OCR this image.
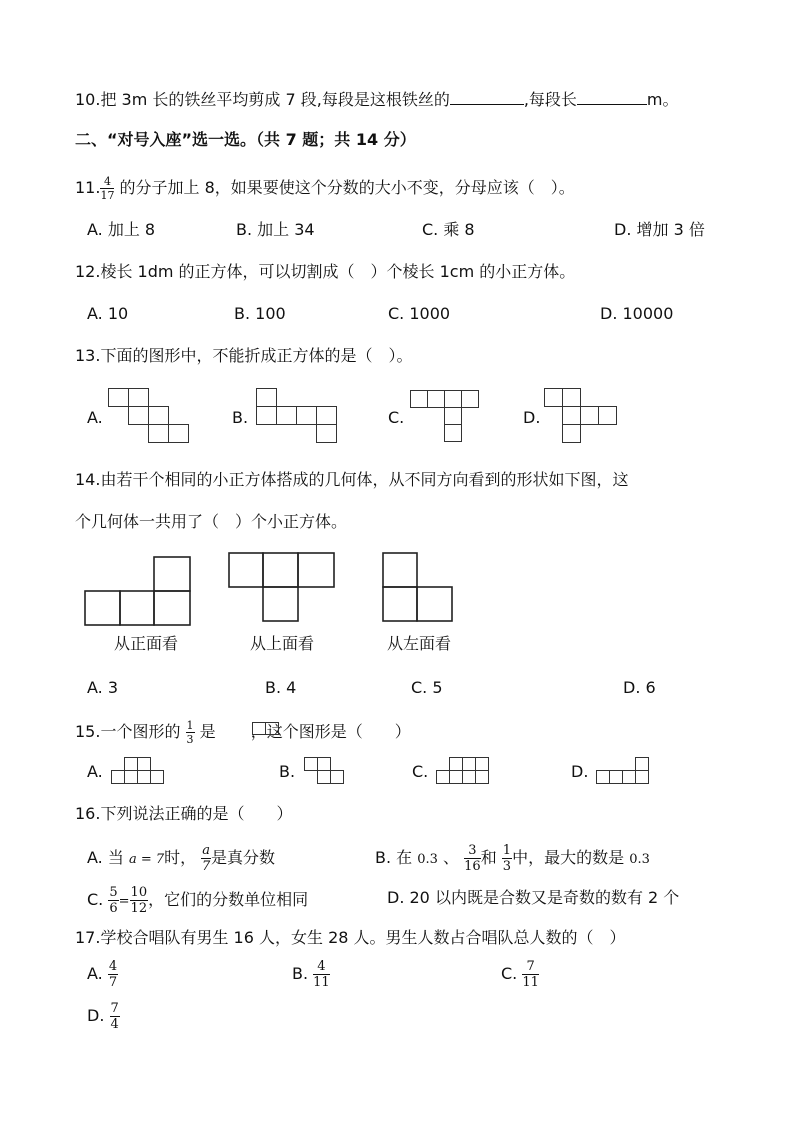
10.把 3m 长的铁丝平均剪成 7 段,每段是这根铁丝的	,每段长	m。
二、“对号入座”选一选。（共 7 题；共 14 分）
11. $\frac{4}{17}$ 的分子加上 8，如果要使这个分数的大小不变，分母应该（　）。
A. 加上 8	B. 加上 34	C. 乘 8	D. 增加 3 倍
12.棱长 1dm 的正方体，可以切割成（　）个棱长 1cm 的小正方体。
A. 10	B. 100	C. 1000	D. 10000
13.下面的图形中，不能折成正方体的是（　）。
A.	B.	C.	D.
14.由若干个相同的小正方体搭成的几何体，从不同方向看到的形状如下图，这
个几何体一共用了（　）个小正方体。
从正面看	从上面看	从左面看
A. 3	B. 4	C. 5	D. 6
15.一个图形的 $\frac{1}{3}$ 是 ，这个图形是（　　）
A.	B.	C.	D.
16.下列说法正确的是（　　）
A. 当 a = 7时， $\frac{a}{7}$ 是真分数	B. 在 0.3 、 $\frac{3}{16}$ 和 $\frac{1}{3}$ 中，最大的数是 0.3
C. $\frac{5}{6} = \frac{10}{12}$ ，它们的分数单位相同	D. 20 以内既是合数又是奇数的数有 2 个
17.学校合唱队有男生 16 人，女生 28 人。男生人数占合唱队总人数的（　）
A. $\frac{4}{7}$	B. $\frac{4}{11}$	C. $\frac{7}{11}$
D. $\frac{7}{4}$
